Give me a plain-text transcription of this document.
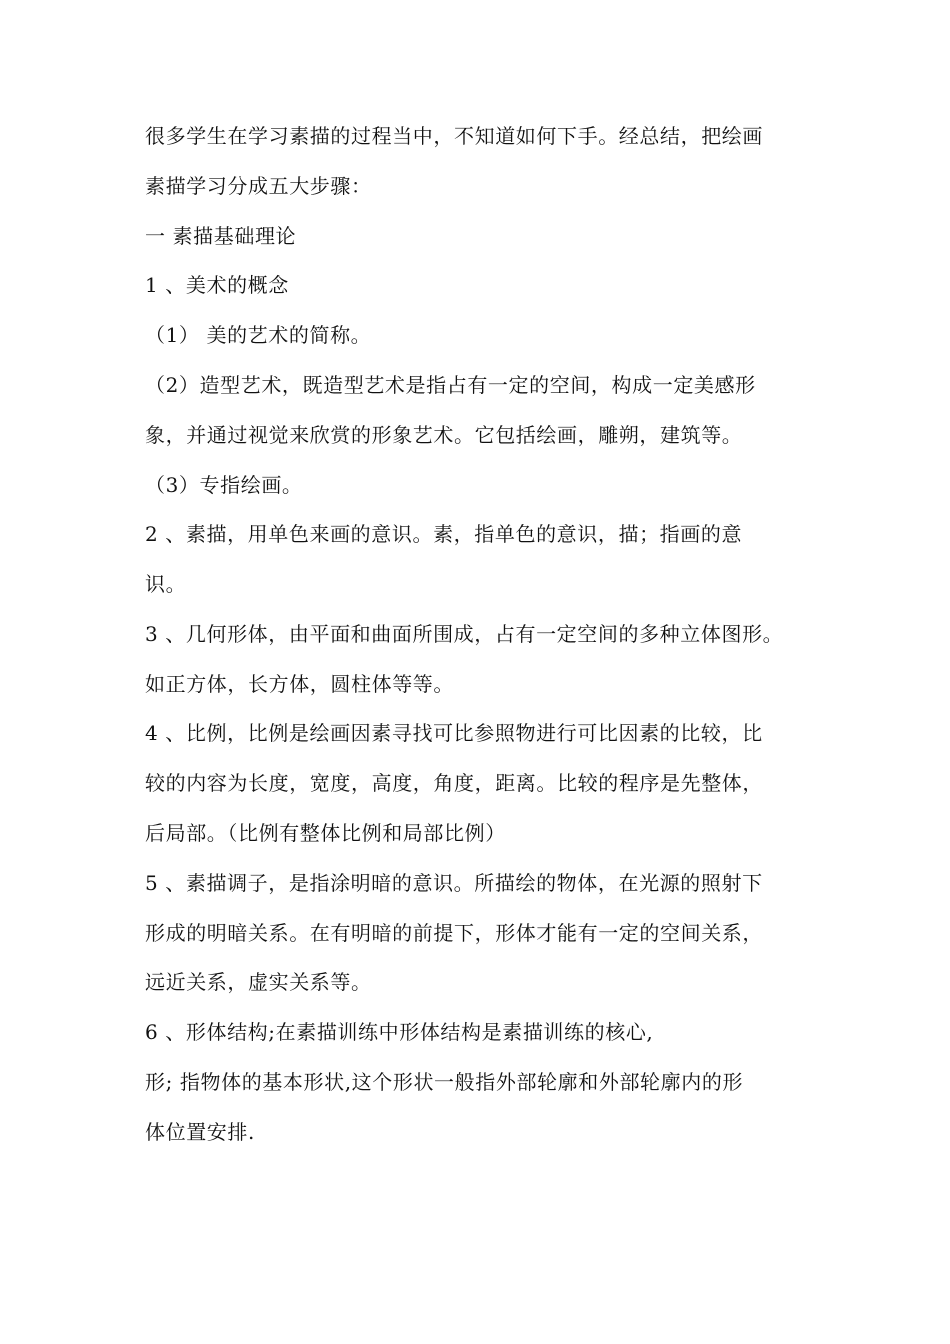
很多学生在学习素描的过程当中，不知道如何下手。经总结，把绘画
素描学习分成五大步骤：
一 素描基础理论
1 、美术的概念
（1） 美的艺术的简称。
（2）造型艺术，既造型艺术是指占有一定的空间，构成一定美感形
象，并通过视觉来欣赏的形象艺术。它包括绘画，雕朔，建筑等。
（3）专指绘画。
2 、素描，用单色来画的意识。素，指单色的意识，描；指画的意
识。
3 、几何形体，由平面和曲面所围成，占有一定空间的多种立体图形。
如正方体，长方体，圆柱体等等。
4 、比例，比例是绘画因素寻找可比参照物进行可比因素的比较，比
较的内容为长度，宽度，高度，角度，距离。比较的程序是先整体，
后局部。（比例有整体比例和局部比例）
5 、素描调子，是指涂明暗的意识。所描绘的物体，在光源的照射下
形成的明暗关系。在有明暗的前提下，形体才能有一定的空间关系，
远近关系，虚实关系等。
6 、形体结构;在素描训练中形体结构是素描训练的核心,
形; 指物体的基本形状,这个形状一般指外部轮廓和外部轮廓内的形
体位置安排.
